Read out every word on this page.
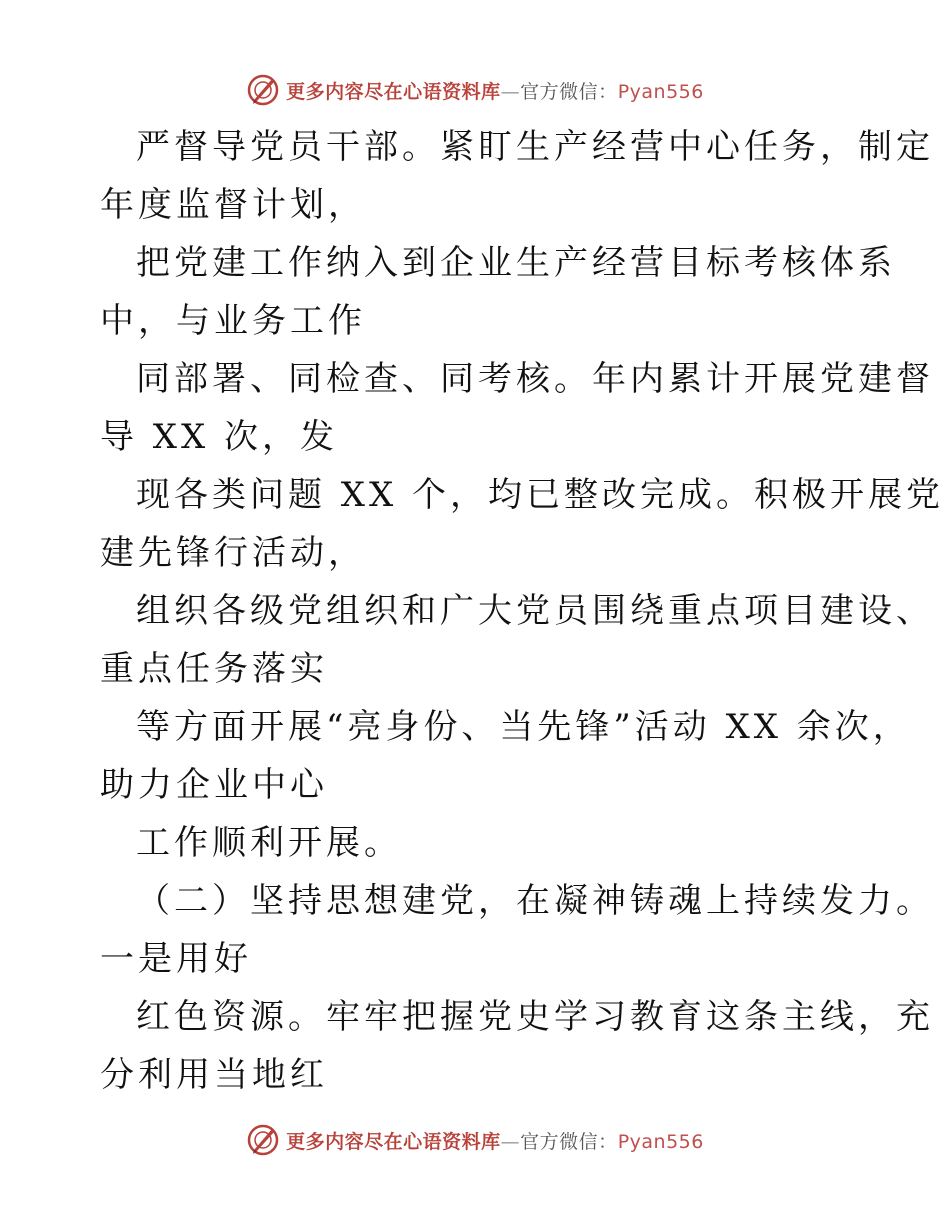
更多内容尽在心语资料库—官方微信：Pyan556
严督导党员干部。紧盯生产经营中心任务，制定
年度监督计划，
把党建工作纳入到企业生产经营目标考核体系
中，与业务工作
同部署、同检查、同考核。年内累计开展党建督
导 XX 次，发
现各类问题 XX 个，均已整改完成。积极开展党
建先锋行活动，
组织各级党组织和广大党员围绕重点项目建设、
重点任务落实
等方面开展“亮身份、当先锋”活动 XX 余次，
助力企业中心
工作顺利开展。
（二）坚持思想建党，在凝神铸魂上持续发力。
一是用好
红色资源。牢牢把握党史学习教育这条主线，充
分利用当地红
更多内容尽在心语资料库—官方微信：Pyan556
